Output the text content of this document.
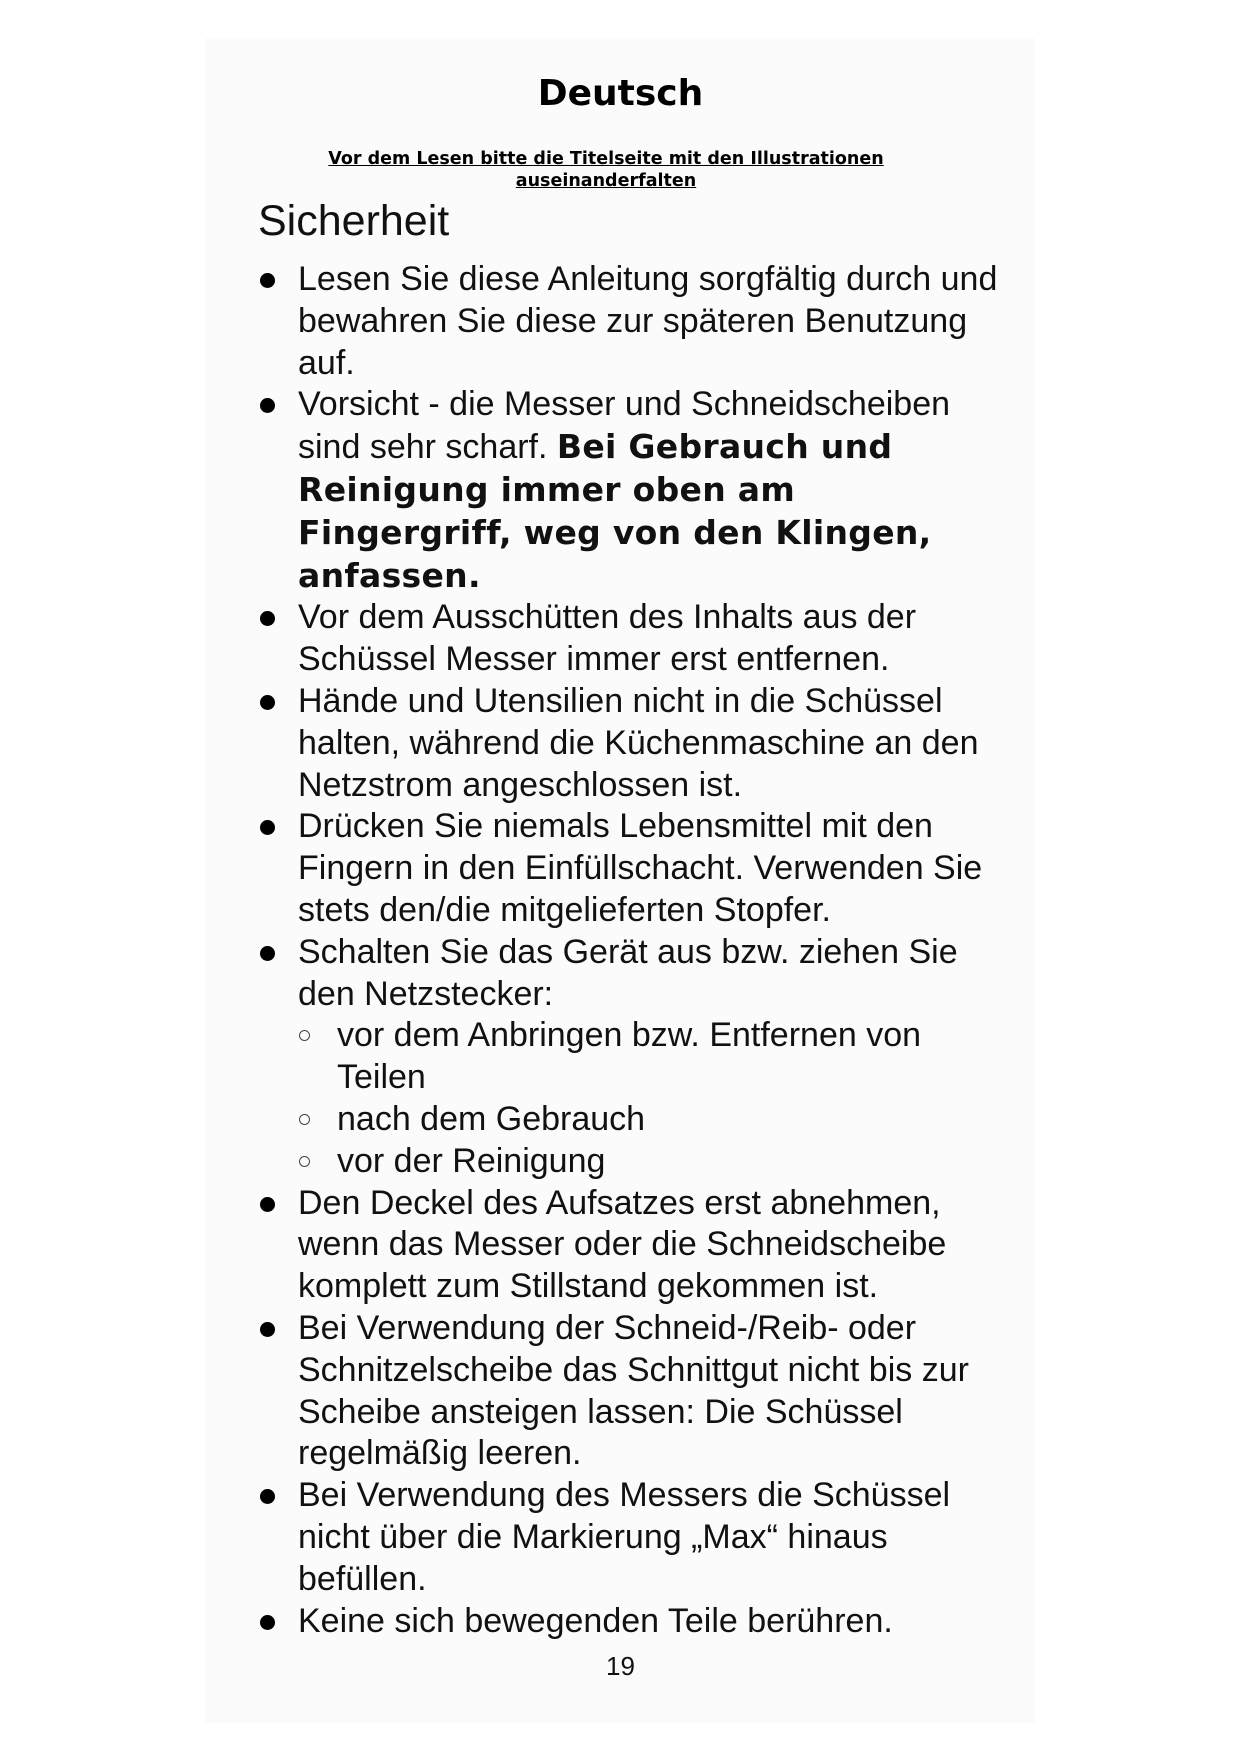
Deutsch

Vor dem Lesen bitte die Titelseite mit den Illustrationen auseinanderfalten

Sicherheit
Lesen Sie diese Anleitung sorgfältig durch und bewahren Sie diese zur späteren Benutzung auf.
Vorsicht - die Messer und Schneidscheiben sind sehr scharf. Bei Gebrauch und Reinigung immer oben am Fingergriff, weg von den Klingen, anfassen.
Vor dem Ausschütten des Inhalts aus der Schüssel Messer immer erst entfernen.
Hände und Utensilien nicht in die Schüssel halten, während die Küchenmaschine an den Netzstrom angeschlossen ist.
Drücken Sie niemals Lebensmittel mit den Fingern in den Einfüllschacht. Verwenden Sie stets den/die mitgelieferten Stopfer.
Schalten Sie das Gerät aus bzw. ziehen Sie den Netzstecker:
vor dem Anbringen bzw. Entfernen von Teilen
nach dem Gebrauch
vor der Reinigung
Den Deckel des Aufsatzes erst abnehmen, wenn das Messer oder die Schneidscheibe komplett zum Stillstand gekommen ist.
Bei Verwendung der Schneid-/Reib- oder Schnitzelscheibe das Schnittgut nicht bis zur Scheibe ansteigen lassen: Die Schüssel regelmäßig leeren.
Bei Verwendung des Messers die Schüssel nicht über die Markierung „Max“ hinaus befüllen.
Keine sich bewegenden Teile berühren.

19
